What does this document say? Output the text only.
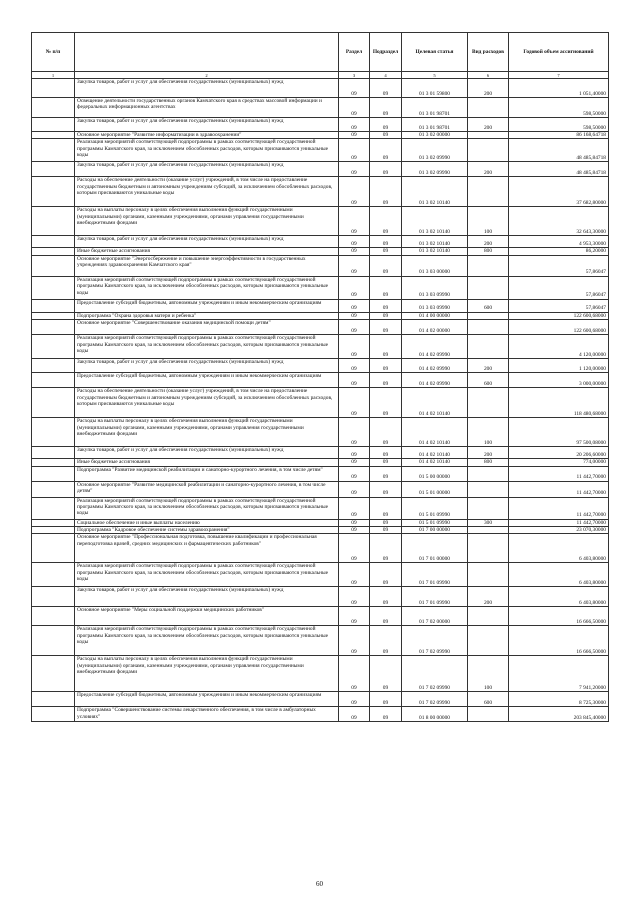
№ п/п		Раздел	Подраздел	Целевая статья	Вид расходов	Годовой объем ассигнований
1	2	3	4	5	6	7
	Закупка товаров, работ и услуг для обеспечения государственных (муниципальных) нужд	09	09	01 3 01 59800	200	1 051,40000
	Освещение деятельности государственных органов Камчатского края в средствах массовой информации и федеральных информационных агентствах	09	09	01 3 01 98701		598,50000
	Закупка товаров, работ и услуг для обеспечения государственных (муниципальных) нужд	09	09	01 3 01 98701	200	598,50000
	Основное мероприятие "Развитие информатизации в здравоохранении"	09	09	01 3 02 00000		86 168,64718
	Реализация мероприятий соответствующей подпрограммы в рамках соответствующей государственной программы Камчатского края, за исключением обособленных расходов, которым присваиваются уникальные коды	09	09	01 3 02 09990		48 485,84718
	Закупка товаров, работ и услуг для обеспечения государственных (муниципальных) нужд	09	09	01 3 02 09990	200	48 485,84718
	Расходы на обеспечение деятельности (оказание услуг) учреждений, в том числе на предоставление государственным бюджетным и автономным учреждениям субсидий, за исключением обособленных расходов, которым присваиваются уникальные коды	09	09	01 3 02 10140		37 682,80000
	Расходы на выплаты персоналу в целях обеспечения выполнения функций государственными (муниципальными) органами, казенными учреждениями, органами управления государственными внебюджетными фондами	09	09	01 3 02 10140	100	32 643,30000
	Закупка товаров, работ и услуг для обеспечения государственных (муниципальных) нужд	09	09	01 3 02 10140	200	4 953,30000
	Иные бюджетные ассигнования	09	09	01 3 02 10140	800	86,20000
	Основное мероприятие "Энергосбережение и повышение энергоэффективности в государственных учреждениях здравоохранения Камчатского края"	09	09	01 3 03 00000		57,86047
	Реализация мероприятий соответствующей подпрограммы в рамках соответствующей государственной программы Камчатского края, за исключением обособленных расходов, которым присваиваются уникальные коды	09	09	01 3 03 09990		57,86047
	Предоставление субсидий бюджетным, автономным учреждениям и иным некоммерческим организациям	09	09	01 3 03 09990	600	57,86047
	Подпрограмма "Охрана здоровья матери и ребенка"	09	09	01 4 00 00000		122 600,68000
	Основное мероприятие "Совершенствование оказания медицинской помощи детям"	09	09	01 4 02 00000		122 600,68000
	Реализация мероприятий соответствующей подпрограммы в рамках соответствующей государственной программы Камчатского края, за исключением обособленных расходов, которым присваиваются уникальные коды	09	09	01 4 02 09990		4 120,00000
	Закупка товаров, работ и услуг для обеспечения государственных (муниципальных) нужд	09	09	01 4 02 09990	200	1 120,00000
	Предоставление субсидий бюджетным, автономным учреждениям и иным некоммерческим организациям	09	09	01 4 02 09990	600	3 000,00000
	Расходы на обеспечение деятельности (оказание услуг) учреждений, в том числе на предоставление государственным бюджетным и автономным учреждениям субсидий, за исключением обособленных расходов, которым присваиваются уникальные коды	09	09	01 4 02 10140		118 480,68000
	Расходы на выплаты персоналу в целях обеспечения выполнения функций государственными (муниципальными) органами, казенными учреждениями, органами управления государственными внебюджетными фондами	09	09	01 4 02 10140	100	97 500,08000
	Закупка товаров, работ и услуг для обеспечения государственных (муниципальных) нужд	09	09	01 4 02 10140	200	20 206,60000
	Иные бюджетные ассигнования	09	09	01 4 02 10140	800	774,00000
	Подпрограмма "Развитие медицинской реабилитации и санаторно-курортного лечения, в том числе детям"	09	09	01 5 00 00000		11 442,70000
	Основное мероприятие "Развитие медицинской реабилитации и санаторно-курортного лечения, в том числе детям"	09	09	01 5 01 00000		11 442,70000
	Реализация мероприятий соответствующей подпрограммы в рамках соответствующей государственной программы Камчатского края, за исключением обособленных расходов, которым присваиваются уникальные коды	09	09	01 5 01 09990		11 442,70000
	Социальное обеспечение и иные выплаты населению	09	09	01 5 01 09990	300	11 442,70000
	Подпрограмма "Кадровое обеспечение системы здравоохранения"	09	09	01 7 00 00000		23 070,30000
	Основное мероприятие "Профессиональная подготовка, повышение квалификации и профессиональная переподготовка врачей, средних медицинских и фармацевтических работников"	09	09	01 7 01 00000		6 403,80000
	Реализация мероприятий соответствующей подпрограммы в рамках соответствующей государственной программы Камчатского края, за исключением обособленных расходов, которым присваиваются уникальные коды	09	09	01 7 01 09990		6 403,80000
	Закупка товаров, работ и услуг для обеспечения государственных (муниципальных) нужд	09	09	01 7 01 09990	200	6 403,80000
	Основное мероприятие "Меры социальной поддержки медицинских работников"	09	09	01 7 02 00000		16 666,50000
	Реализация мероприятий соответствующей подпрограммы в рамках соответствующей государственной программы Камчатского края, за исключением обособленных расходов, которым присваиваются уникальные коды	09	09	01 7 02 09990		16 666,50000
	Расходы на выплаты персоналу в целях обеспечения выполнения функций государственными (муниципальными) органами, казенными учреждениями, органами управления государственными внебюджетными фондами	09	09	01 7 02 09990	100	7 941,20000
	Предоставление субсидий бюджетным, автономным учреждениям и иным некоммерческим организациям	09	09	01 7 02 09990	600	8 725,30000
	Подпрограмма "Совершенствование системы лекарственного обеспечения, в том числе в амбулаторных условиях"	09	09	01 8 00 00000		203 845,40000
60
